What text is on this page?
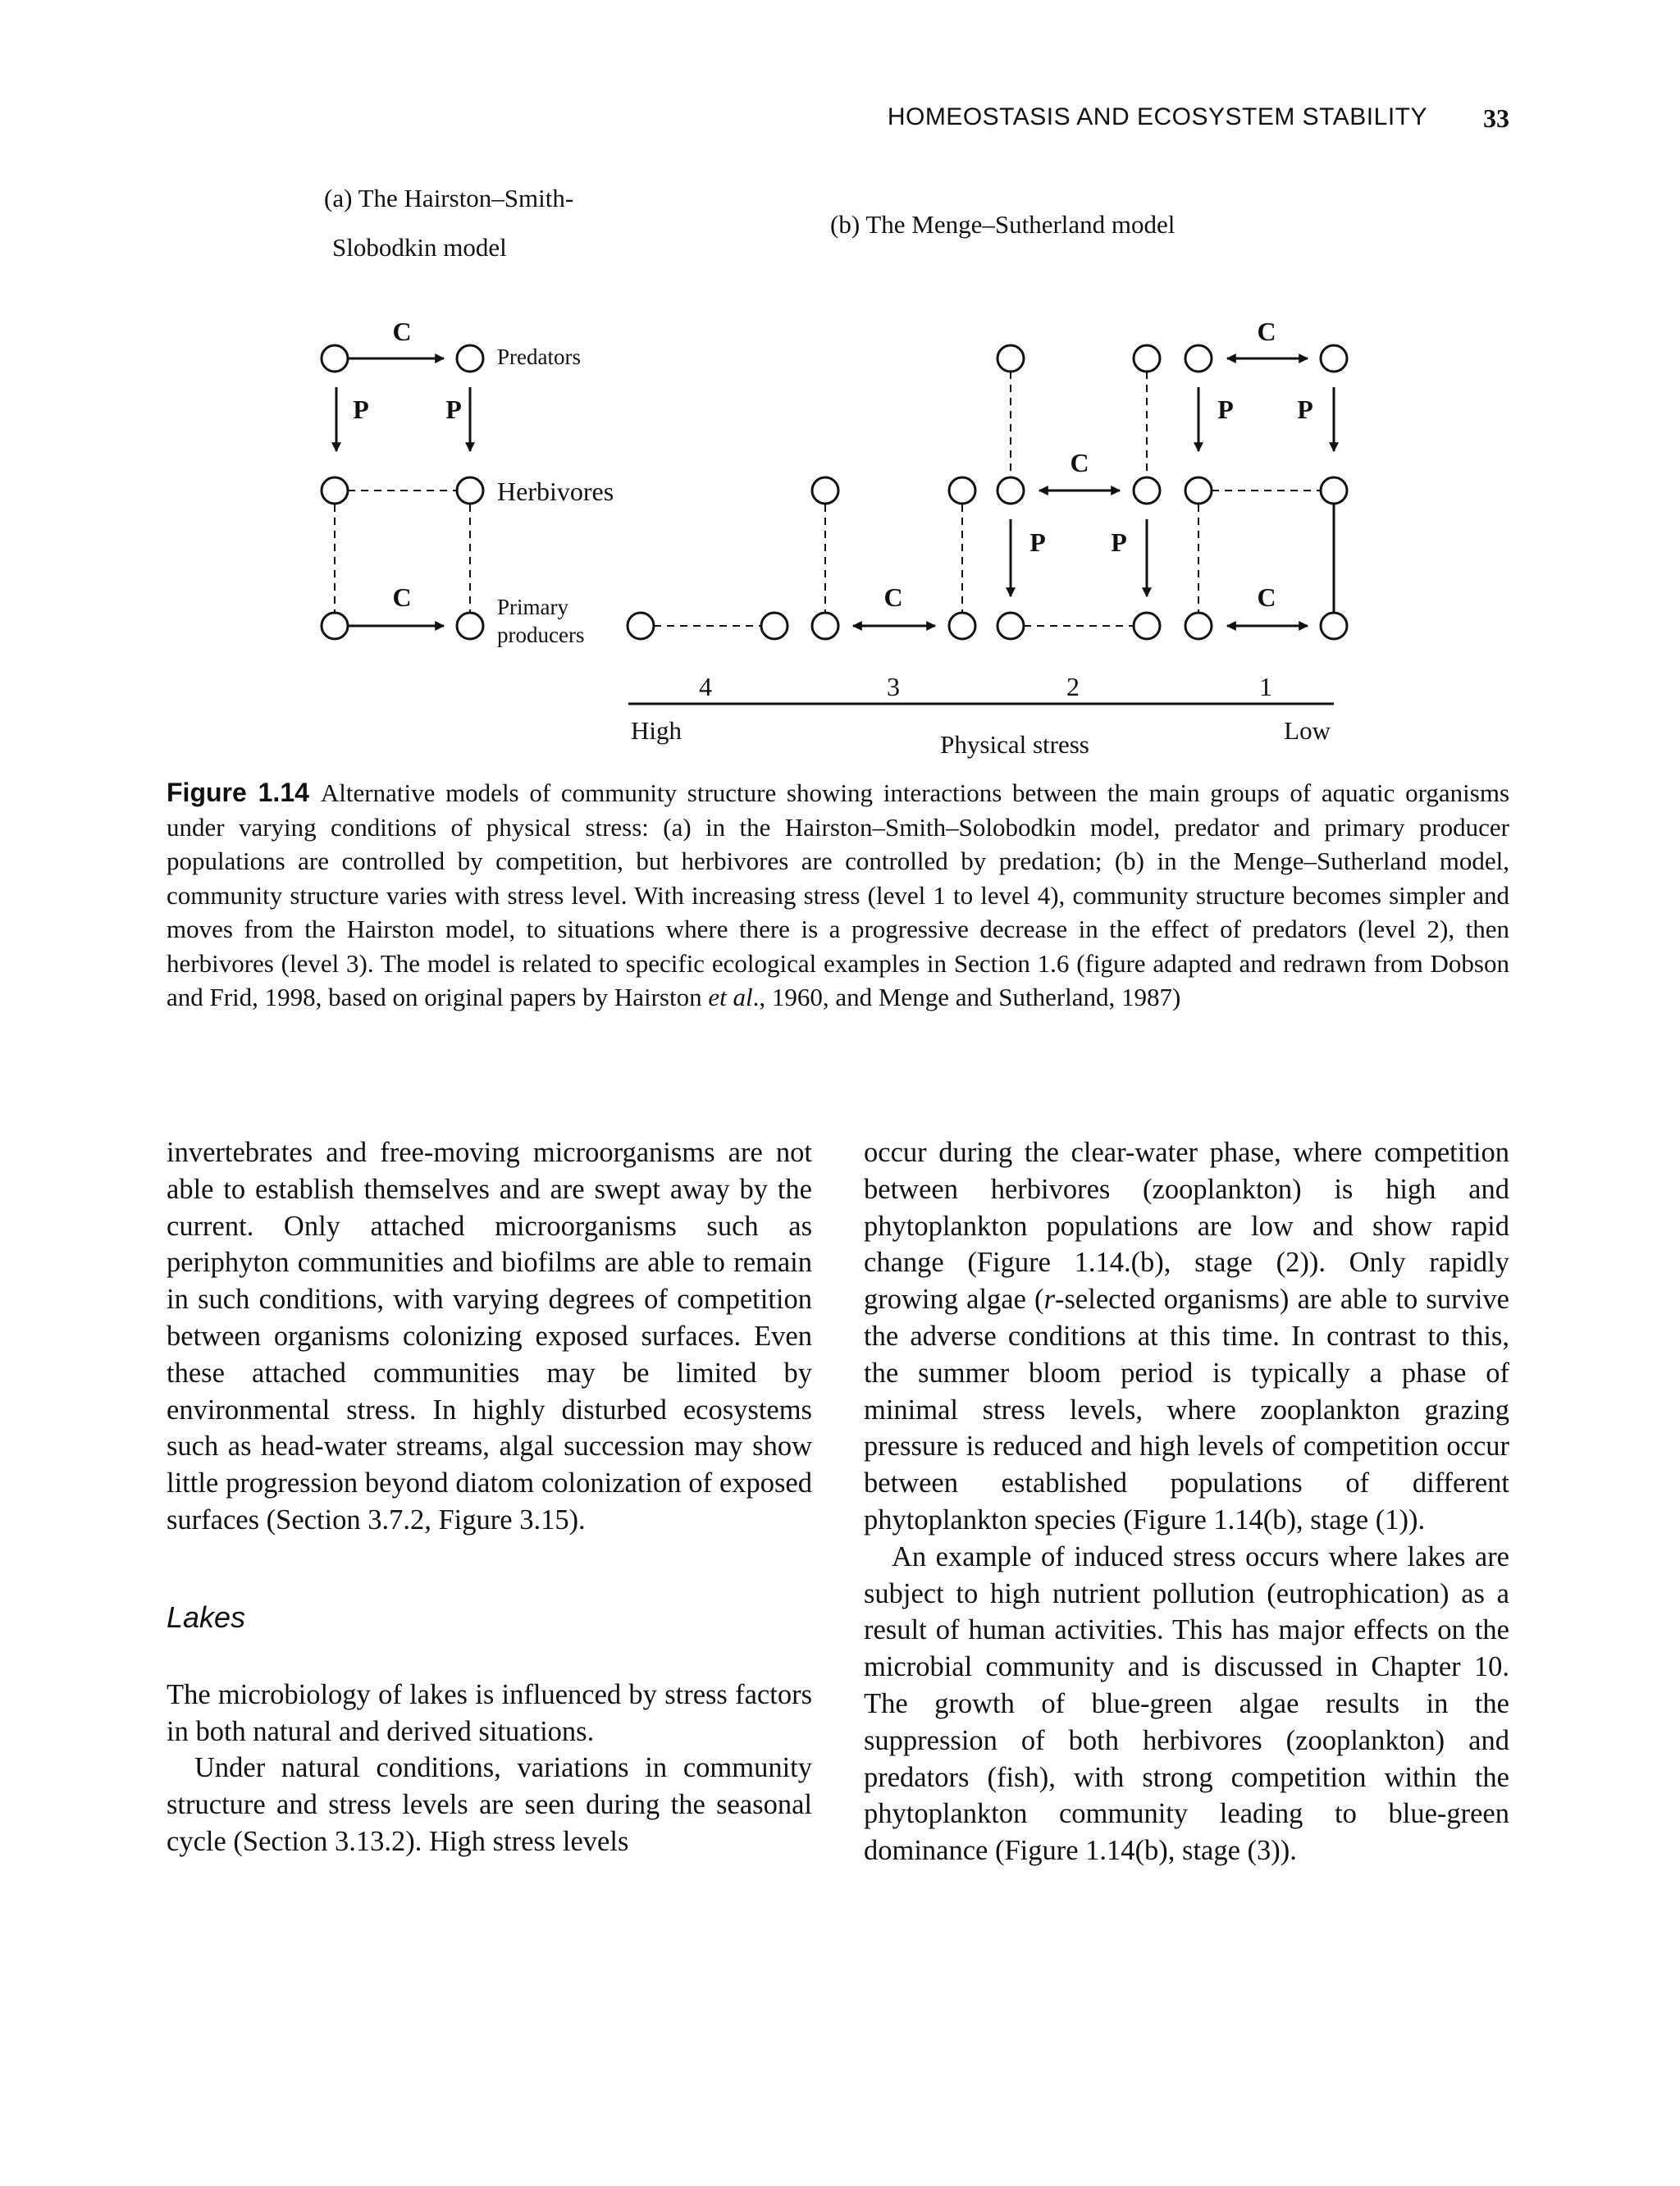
HOMEOSTASIS AND ECOSYSTEM STABILITY 33
(a) The Hairston–Smith-
Slobodkin model
(b) The Menge–Sutherland model
C
P	P
C
Predators
Herbivores
Primary
producers
C
C
P P
C
P P
C
4	3	2	1
High	Physical stress	Low
Figure 1.14 Alternative models of community structure showing interactions between the main groups of aquatic organisms under varying conditions of physical stress: (a) in the Hairston–Smith–Solobodkin model, predator and primary producer populations are controlled by competition, but herbivores are controlled by predation; (b) in the Menge–Sutherland model, community structure varies with stress level. With increasing stress (level 1 to level 4), community structure becomes simpler and moves from the Hairston model, to situations where there is a progressive decrease in the effect of predators (level 2), then herbivores (level 3). The model is related to specific ecological examples in Section 1.6 (figure adapted and redrawn from Dobson and Frid, 1998, based on original papers by Hairston et al., 1960, and Menge and Sutherland, 1987)

invertebrates and free-moving microorganisms are not able to establish themselves and are swept away by the current. Only attached microorganisms such as periphyton communities and biofilms are able to remain in such conditions, with varying degrees of competition between organisms colonizing exposed surfaces. Even these attached communities may be limited by environmental stress. In highly disturbed ecosystems such as head-water streams, algal succession may show little progression beyond diatom colonization of exposed surfaces (Section 3.7.2, Figure 3.15).

Lakes

The microbiology of lakes is influenced by stress factors in both natural and derived situations.

Under natural conditions, variations in community structure and stress levels are seen during the seasonal cycle (Section 3.13.2). High stress levels

occur during the clear-water phase, where competition between herbivores (zooplankton) is high and phytoplankton populations are low and show rapid change (Figure 1.14.(b), stage (2)). Only rapidly growing algae (r-selected organisms) are able to survive the adverse conditions at this time. In contrast to this, the summer bloom period is typically a phase of minimal stress levels, where zooplankton grazing pressure is reduced and high levels of competition occur between established populations of different phytoplankton species (Figure 1.14(b), stage (1)).

An example of induced stress occurs where lakes are subject to high nutrient pollution (eutrophication) as a result of human activities. This has major effects on the microbial community and is discussed in Chapter 10. The growth of blue-green algae results in the suppression of both herbivores (zooplankton) and predators (fish), with strong competition within the phytoplankton community leading to blue-green dominance (Figure 1.14(b), stage (3)).
